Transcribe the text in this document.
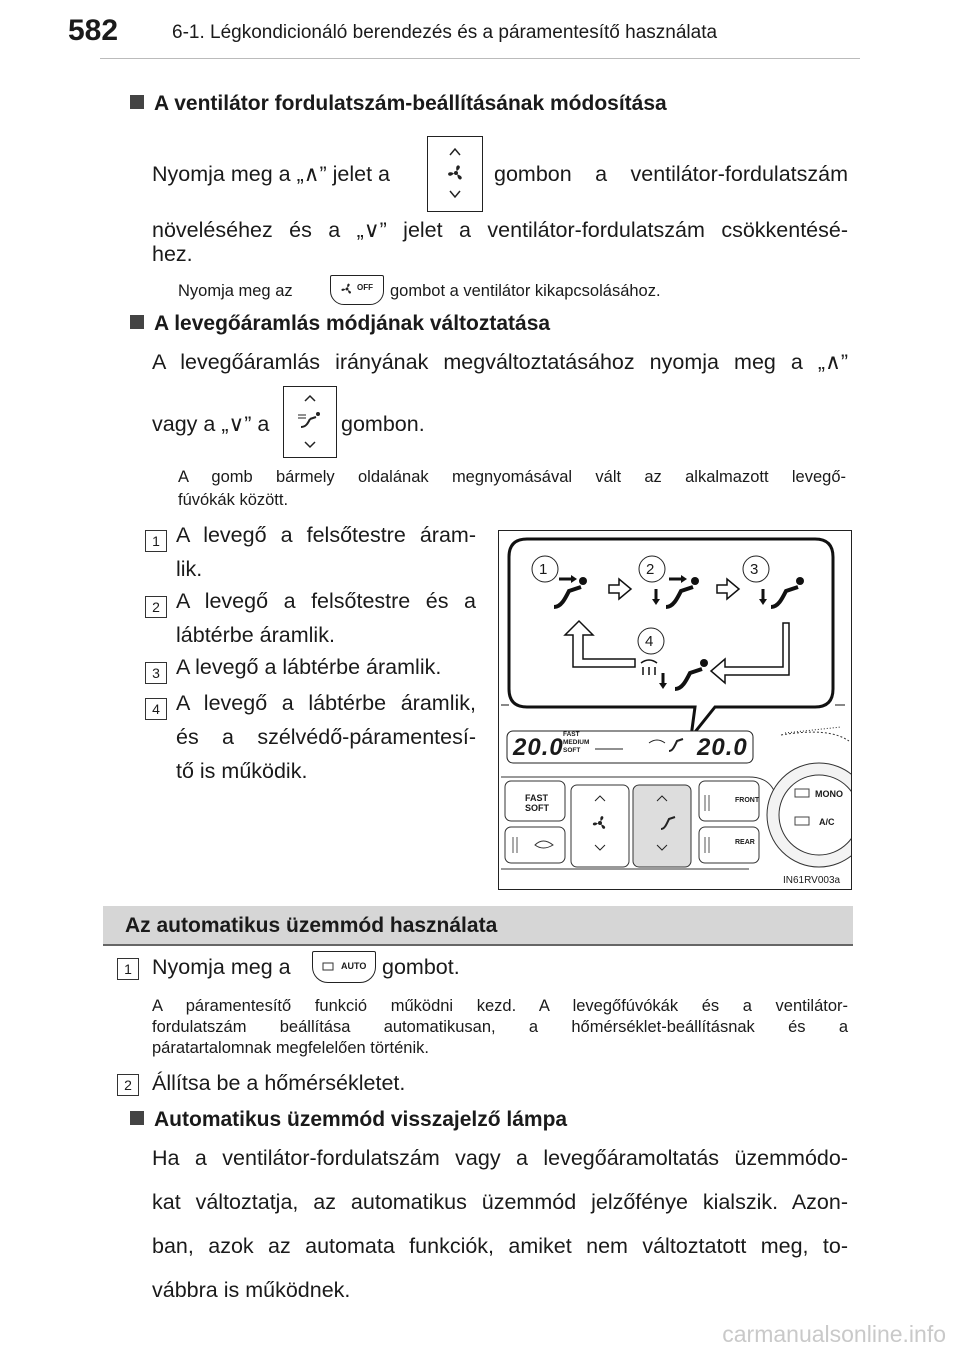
582	6-1. Légkondicionáló berendezés és a páramentesítő használata
A ventilátor fordulatszám-beállításának módosítása
Nyomja meg a „∧” jelet a	gombon a ventilátor-fordulatszám
növeléséhez és a „∨” jelet a ventilátor-fordulatszám csökkentésé-
hez.
Nyomja meg az	OFF gombot a ventilátor kikapcsolásához.
A levegőáramlás módjának változtatása
A levegőáramlás irányának megváltoztatásához nyomja meg a „∧”
vagy a „∨” a	gombon.
A gomb bármely oldalának megnyomásával vált az alkalmazott levegő-
fúvókák között.
1 A levegő a felsőtestre áram-
lik.
2 A levegő a felsőtestre és a
lábtérbe áramlik.
3 A levegő a lábtérbe áramlik.
4 A levegő a lábtérbe áramlik,
és a szélvédő-páramentesí-
tő is működik.
1	2	3
4
20.0 FAST
MEDIUM
SOFT	20.0
FAST
SOFT
FRONT
REAR
MONO
A/C
IN61RV003a
Az automatikus üzemmód használata
1 Nyomja meg a	AUTO gombot.
A páramentesítő funkció működni kezd. A levegőfúvókák és a ventilátor-
fordulatszám beállítása automatikusan, a hőmérséklet-beállításnak és a
páratartalomnak megfelelően történik.
2 Állítsa be a hőmérsékletet.
Automatikus üzemmód visszajelző lámpa
Ha a ventilátor-fordulatszám vagy a levegőáramoltatás üzemmódo-
kat változtatja, az automatikus üzemmód jelzőfénye kialszik. Azon-
ban, azok az automata funkciók, amiket nem változtatott meg, to-
vábbra is működnek.
carmanualsonline.info
